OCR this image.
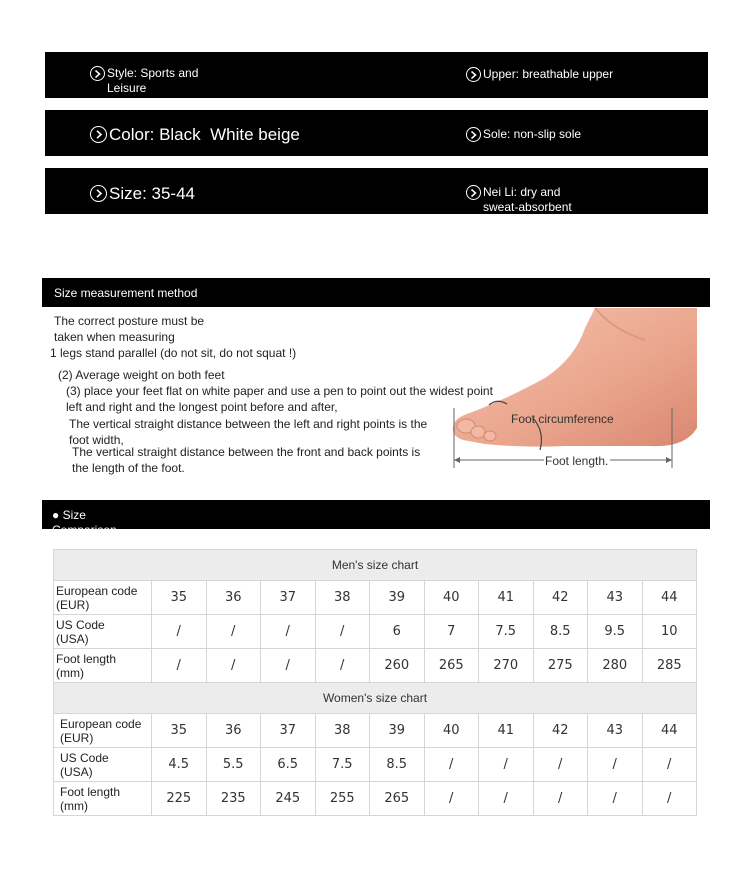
Style: Sports and
Leisure
Upper: breathable upper
Color: Black  White beige	Sole: non-slip sole
Size: 35-44	Nei Li: dry and
sweat-absorbent
Size measurement method
The correct posture must be
taken when measuring
1 legs stand parallel (do not sit, do not squat !)
(2) Average weight on both feet
(3) place your feet flat on white paper and use a pen to point out the widest point
left and right and the longest point before and after,
The vertical straight distance between the left and right points is the
foot width,
The vertical straight distance between the front and back points is
the length of the foot.
Foot circumference
Foot length.
● Size
Comparison
Men's size chart										
European code
(EUR)	35	36	37	38	39	40	41	42	43	44
US Code
(USA)	/	/	/	/	6	7	7.5	8.5	9.5	10
Foot length
(mm)	/	/	/	/	260	265	270	275	280	285
Women's size chart										
European code
(EUR)	35	36	37	38	39	40	41	42	43	44
US Code
(USA)	4.5	5.5	6.5	7.5	8.5	/	/	/	/	/
Foot length
(mm)	225	235	245	255	265	/	/	/	/	/
